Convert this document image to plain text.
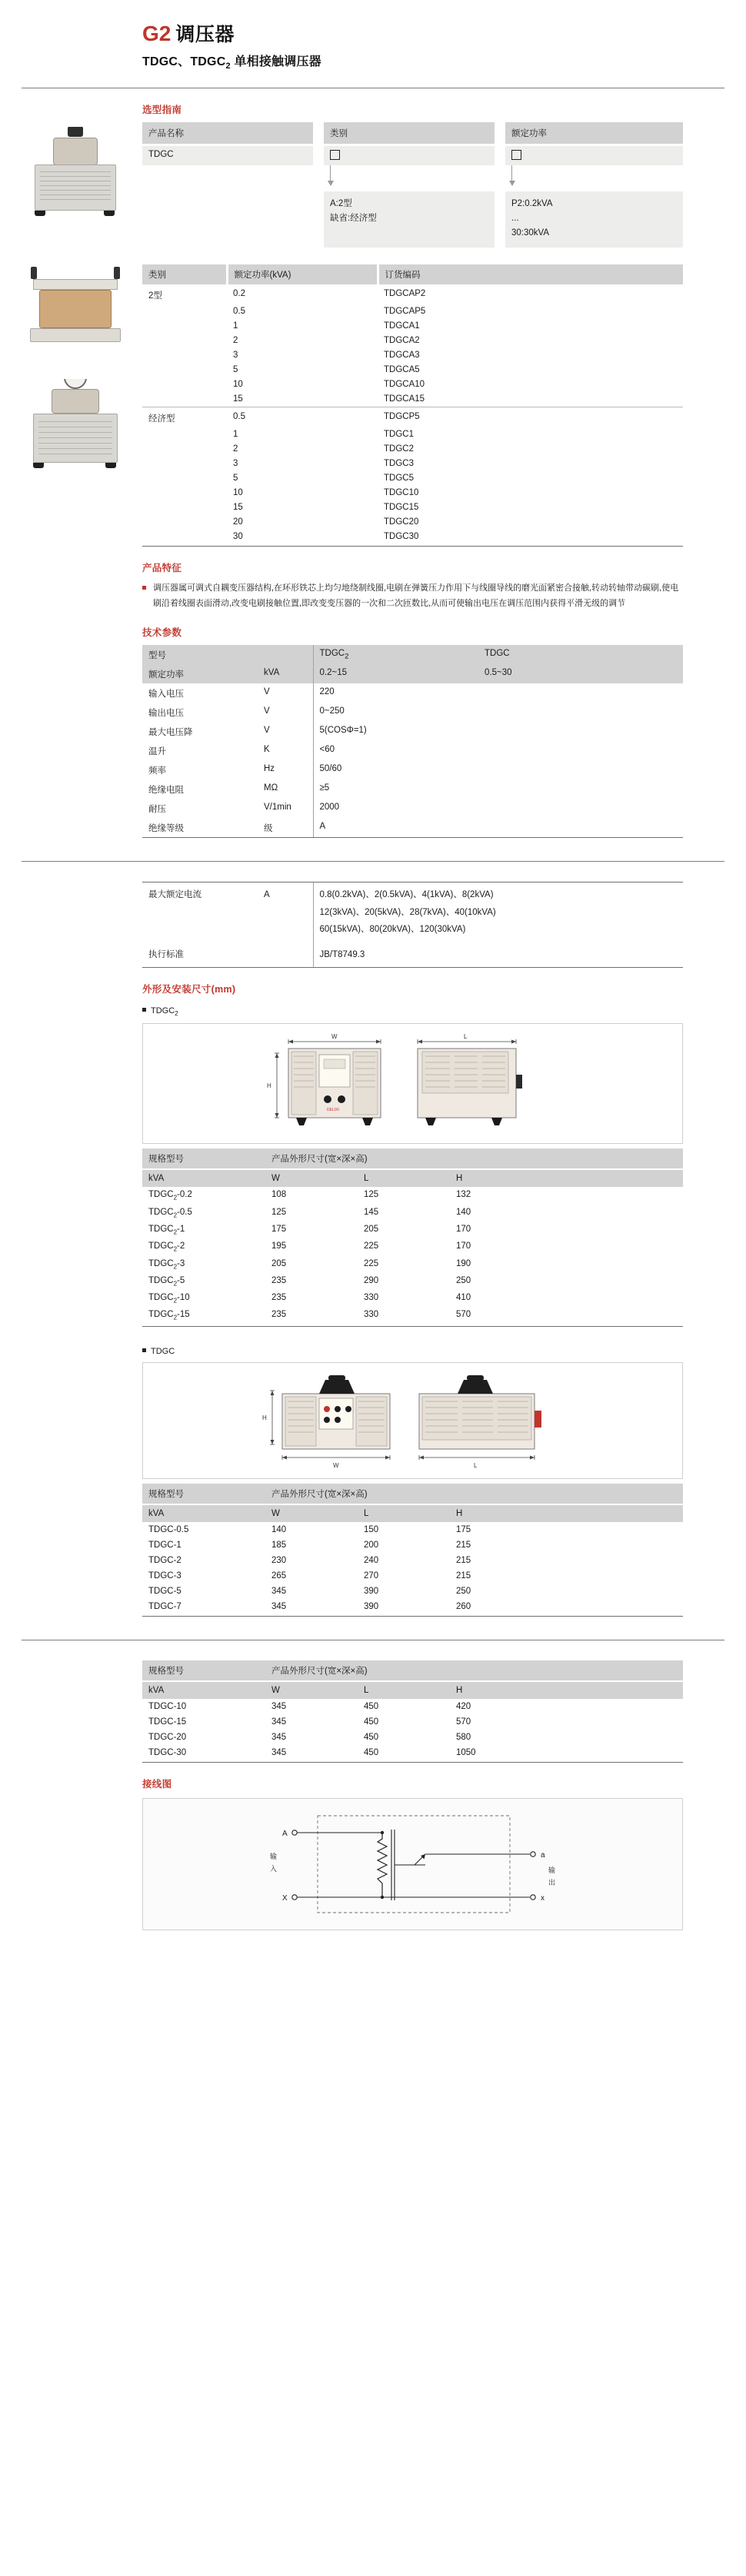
G2 调压器
TDGC、$TDGC_2$ 单相接触调压器
选型指南
产品名称		类别		额定功率
TDGC				

A:2型
缺省:经济型

P2:0.2kVA
...
30:30kVA
类别	额定功率(kVA)	订货编码
2型	0.2	TDGCAP2
	0.5	TDGCAP5
	1	TDGCA1
	2	TDGCA2
	3	TDGCA3
	5	TDGCA5
	10	TDGCA10
	15	TDGCA15
经济型	0.5	TDGCP5
	1	TDGC1
	2	TDGC2
	3	TDGC3
	5	TDGC5
	10	TDGC10
	15	TDGC15
	20	TDGC20
	30	TDGC30
产品特征

调压器属可调式自耦变压器结构,在环形铁芯上均匀地绕制线圈,电刷在弹簧压力作用下与线圈导线的磨光面紧密合接触,转动转轴带动碳刷,使电刷沿着线圈表面滑动,改变电刷接触位置,即改变变压器的一次和二次匝数比,从而可使输出电压在调压范围内获得平滑无级的调节

技术参数
型号		$TDGC_2$	TDGC
额定功率	kVA	0.2~15	0.5~30
输入电压	V	220	
输出电压	V	0~250	
最大电压降	V	5(COSΦ=1)	
温升	K	<60	
频率	Hz	50/60	
绝缘电阻	MΩ	≥5	
耐压	V/1min	2000	
绝缘等级	级	A	
最大额定电流	A	0.8(0.2kVA)、2(0.5kVA)、4(1kVA)、8(2kVA)
12(3kVA)、20(5kVA)、28(7kVA)、40(10kVA)
60(15kVA)、80(20kVA)、120(30kVA)

执行标准		JB/T8749.3
外形及安装尺寸(mm)
$TDGC_2$
W
H
DELIXI
L
规格型号	产品外形尺寸(宽×深×高)		
kVA	W	L	H
$TDGC_2-0.2$	108	125	132
$TDGC_2-0.5$	125	145	140
$TDGC_2-1$	175	205	170
$TDGC_2-2$	195	225	170
$TDGC_2-3$	205	225	190
$TDGC_2-5$	235	290	250
$TDGC_2-10$	235	330	410
$TDGC_2-15$	235	330	570
TDGC
H
W	L
规格型号	产品外形尺寸(宽×深×高)		
kVA	W	L	H
TDGC-0.5	140	150	175
TDGC-1	185	200	215
TDGC-2	230	240	215
TDGC-3	265	270	215
TDGC-5	345	390	250
TDGC-7	345	390	260
规格型号	产品外形尺寸(宽×深×高)		
kVA	W	L	H
TDGC-10	345	450	420
TDGC-15	345	450	570
TDGC-20	345	450	580
TDGC-30	345	450	1050
接线图
A
X
输
入
a
x
输
出
